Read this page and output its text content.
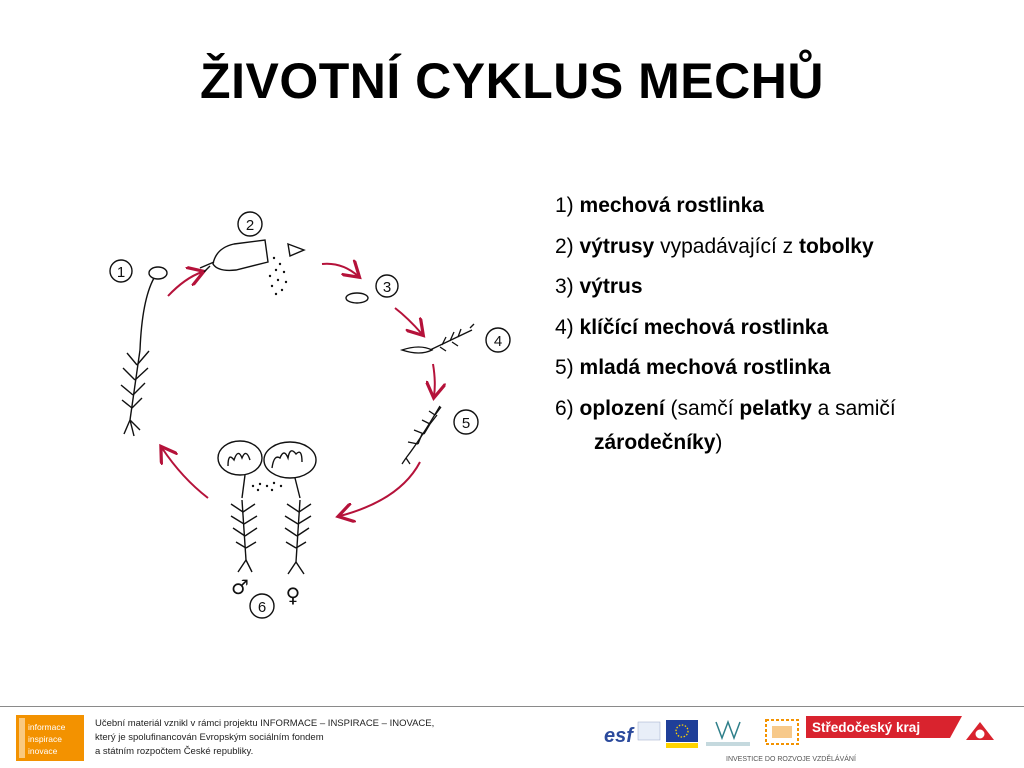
ŽIVOTNÍ CYKLUS MECHŮ
1
2
3
4
5
♂ ♀
6
1) mechová rostlinka
2) výtrusy vypadávající z tobolky
3) výtrus
4) klíčící mechová rostlinka
5) mladá mechová rostlinka
6) oplození (samčí pelatky a samičí zárodečníky)
informace
inspirace
inovace
Učební materiál vznikl v rámci projektu INFORMACE – INSPIRACE – INOVACE,
který je spolufinancován Evropským sociálním fondem
a státním rozpočtem České republiky.
esf	Středočeský kraj
INVESTICE DO ROZVOJE VZDĚLÁVÁNÍ
